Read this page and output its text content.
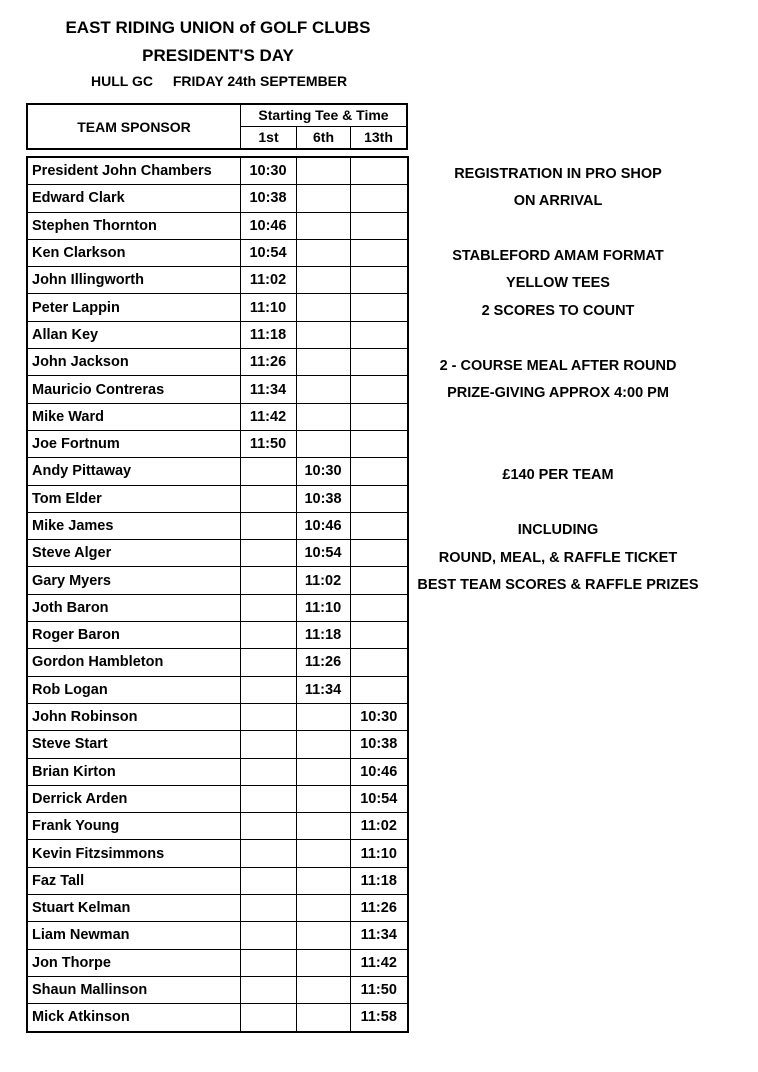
EAST RIDING UNION of GOLF CLUBS
PRESIDENT'S DAY
HULL GC FRIDAY 24th SEPTEMBER
TEAM SPONSOR
Starting Tee & Time
1st	6th	13th
President John Chambers	10:30		
Edward Clark	10:38		
Stephen Thornton	10:46		
Ken Clarkson	10:54		
John Illingworth	11:02		
Peter Lappin	11:10		
Allan Key	11:18		
John Jackson	11:26		
Mauricio Contreras	11:34		
Mike Ward	11:42		
Joe Fortnum	11:50		
Andy Pittaway		10:30	
Tom Elder		10:38	
Mike James		10:46	
Steve Alger		10:54	
Gary Myers		11:02	
Joth Baron		11:10	
Roger Baron		11:18	
Gordon Hambleton		11:26	
Rob Logan		11:34	
John Robinson			10:30
Steve Start			10:38
Brian Kirton			10:46
Derrick Arden			10:54
Frank Young			11:02
Kevin Fitzsimmons			11:10
Faz Tall			11:18
Stuart Kelman			11:26
Liam Newman			11:34
Jon Thorpe			11:42
Shaun Mallinson			11:50
Mick Atkinson			11:58
REGISTRATION IN PRO SHOP
ON ARRIVAL
STABLEFORD AMAM FORMAT
YELLOW TEES
2 SCORES TO COUNT
2 - COURSE MEAL AFTER ROUND
PRIZE-GIVING APPROX 4:00 PM
£140 PER TEAM
INCLUDING
ROUND, MEAL, & RAFFLE TICKET
BEST TEAM SCORES & RAFFLE PRIZES
